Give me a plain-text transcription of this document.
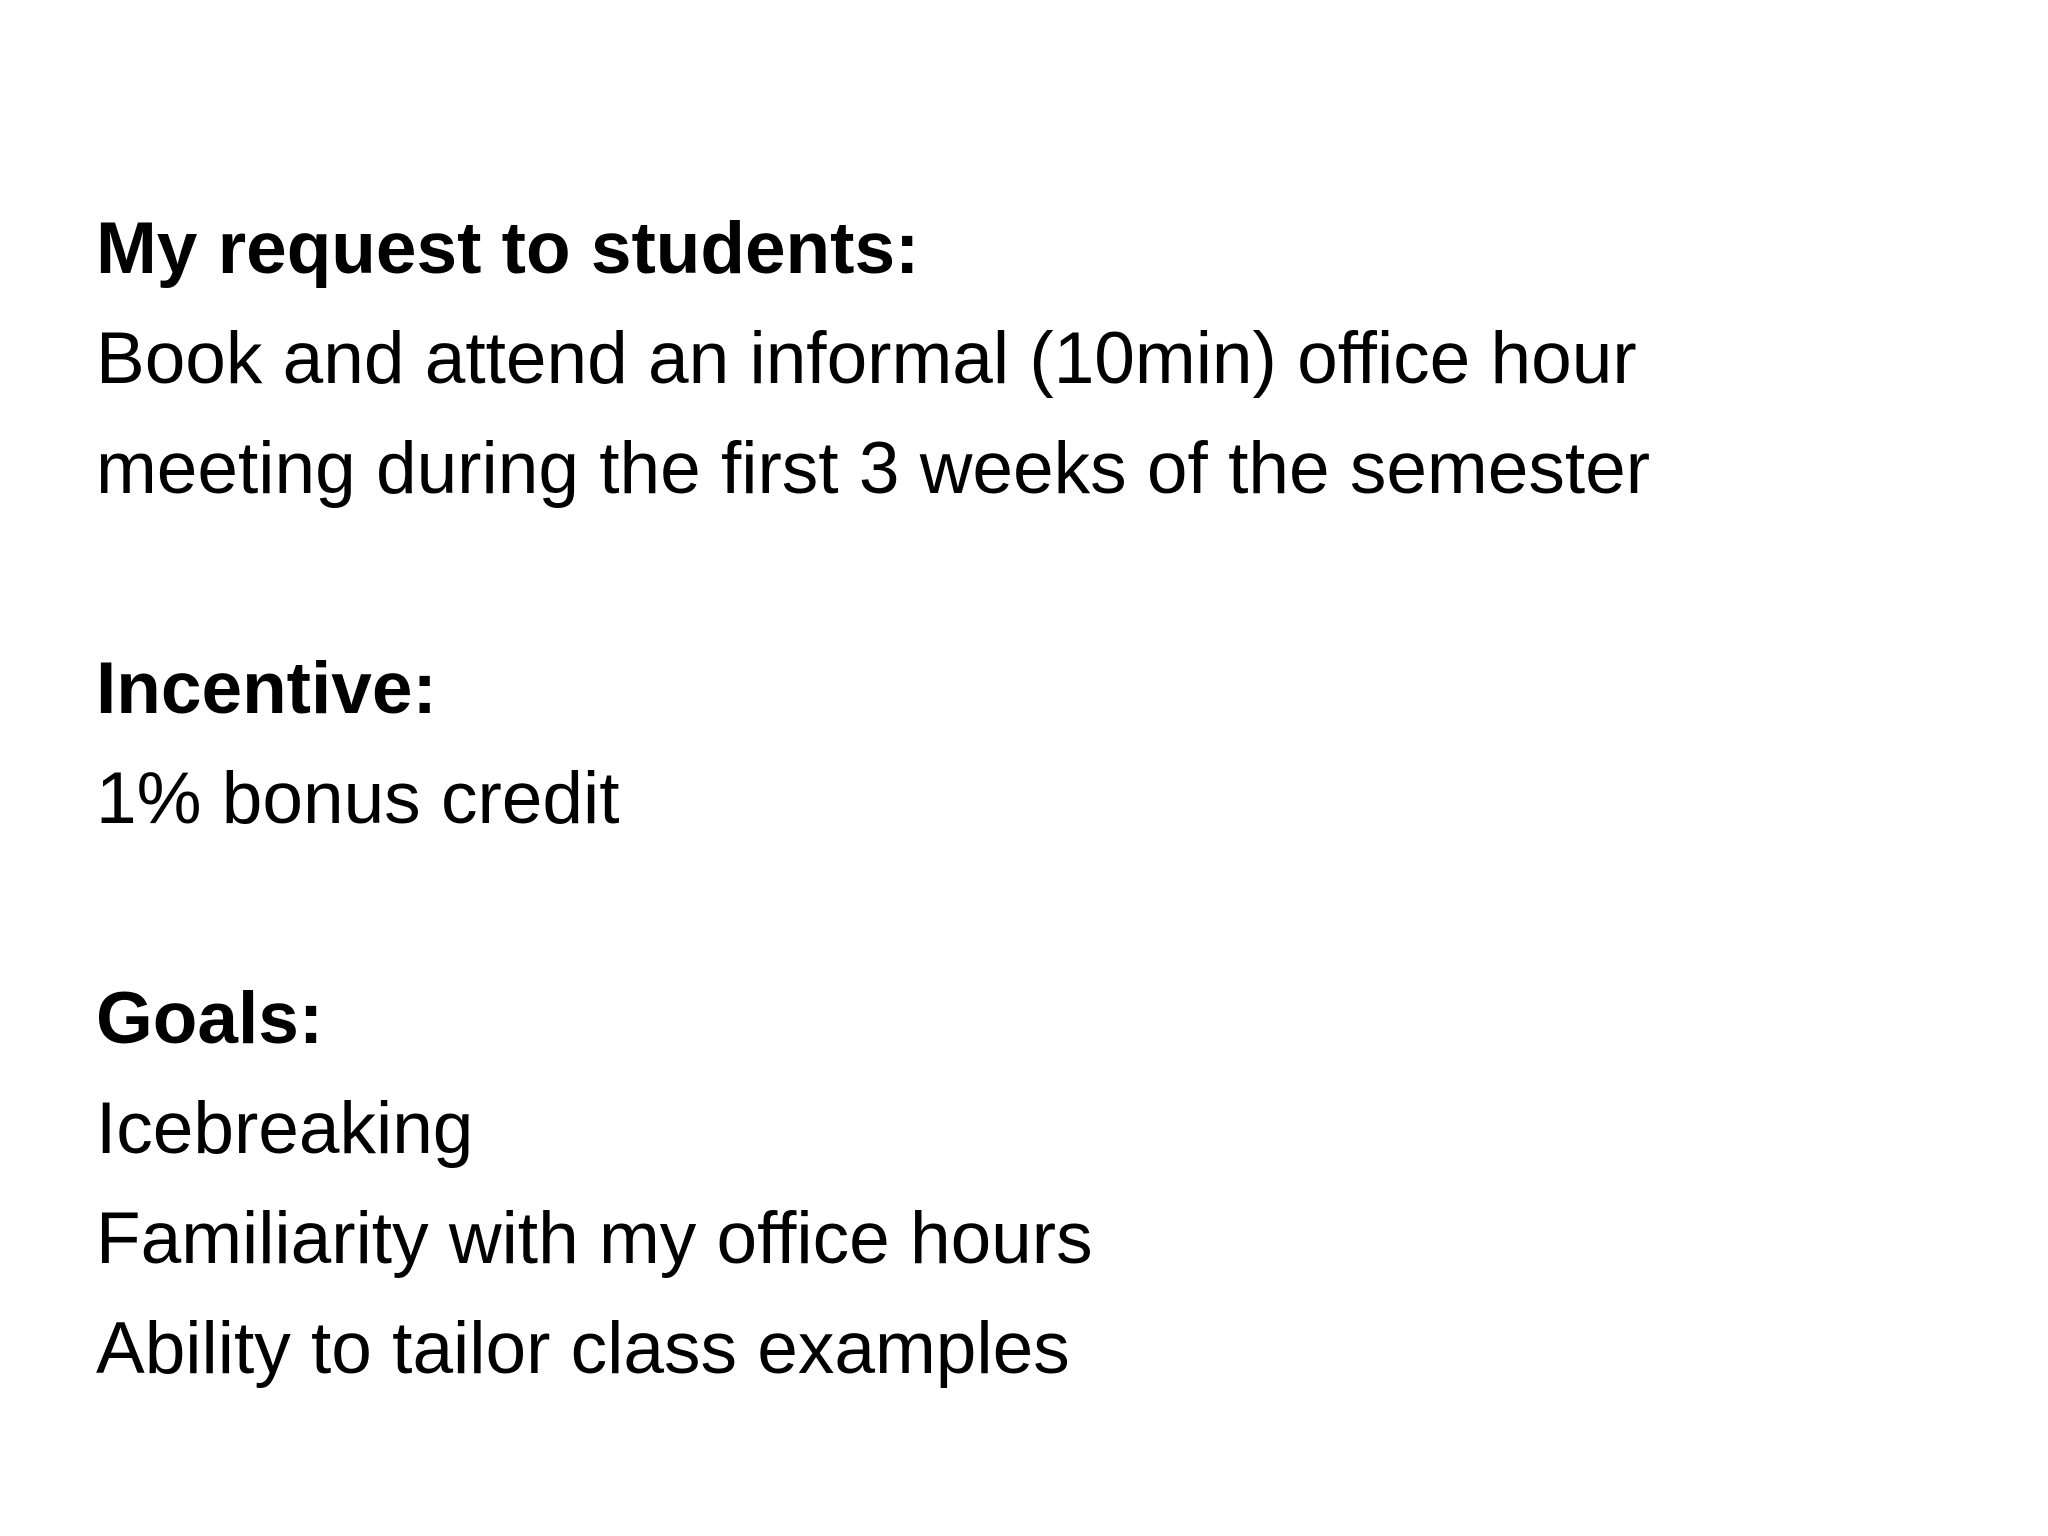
My request to students:
Book and attend an informal (10min) office hour
meeting during the first 3 weeks of the semester
Incentive:
1% bonus credit
Goals:
Icebreaking
Familiarity with my office hours
Ability to tailor class examples
